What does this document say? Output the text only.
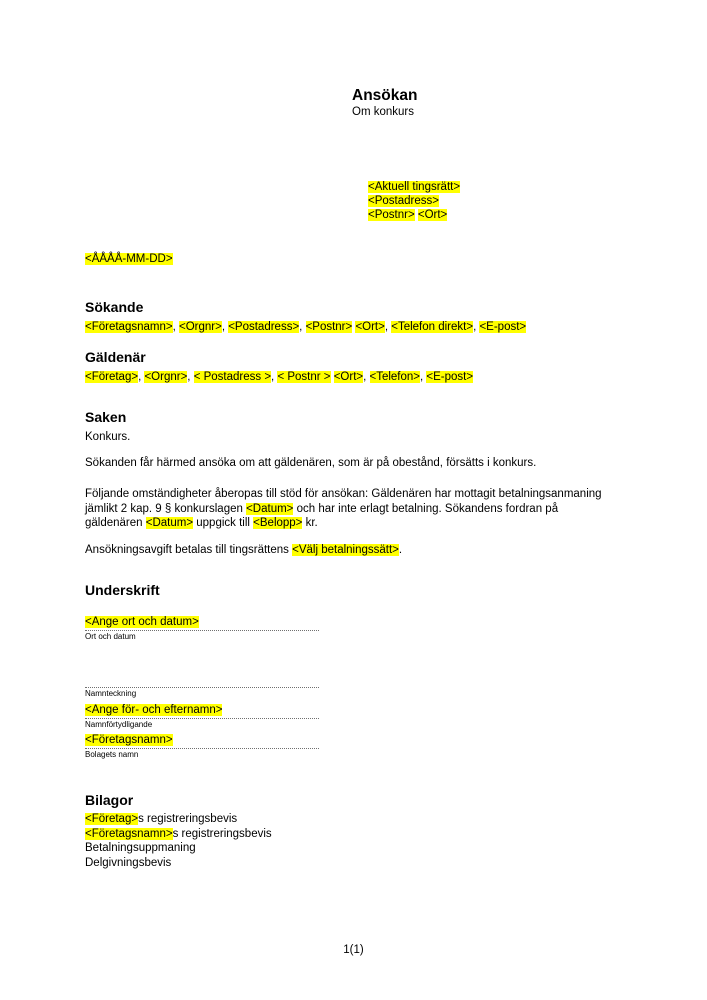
Ansökan
Om konkurs
<Aktuell tingsrätt>
<Postadress>
<Postnr> <Ort>
<ÅÅÅÅ-MM-DD>
Sökande
<Företagsnamn>, <Orgnr>, <Postadress>, <Postnr> <Ort>, <Telefon direkt>, <E-post>
Gäldenär
<Företag>, <Orgnr>, < Postadress >, < Postnr > <Ort>, <Telefon>, <E-post>
Saken
Konkurs.
Sökanden får härmed ansöka om att gäldenären, som är på obestånd, försätts i konkurs.
Följande omständigheter åberopas till stöd för ansökan: Gäldenären har mottagit betalningsanmaning
jämlikt 2 kap. 9 § konkurslagen <Datum> och har inte erlagt betalning. Sökandens fordran på
gäldenären <Datum> uppgick till <Belopp> kr.
Ansökningsavgift betalas till tingsrättens <Välj betalningssätt>.
Underskrift
<Ange ort och datum>
Ort och datum
Namnteckning
<Ange för- och efternamn>
Namnförtydligande
<Företagsnamn>
Bolagets namn
Bilagor
<Företag>s registreringsbevis
<Företagsnamn>s registreringsbevis
Betalningsuppmaning
Delgivningsbevis
1(1)
